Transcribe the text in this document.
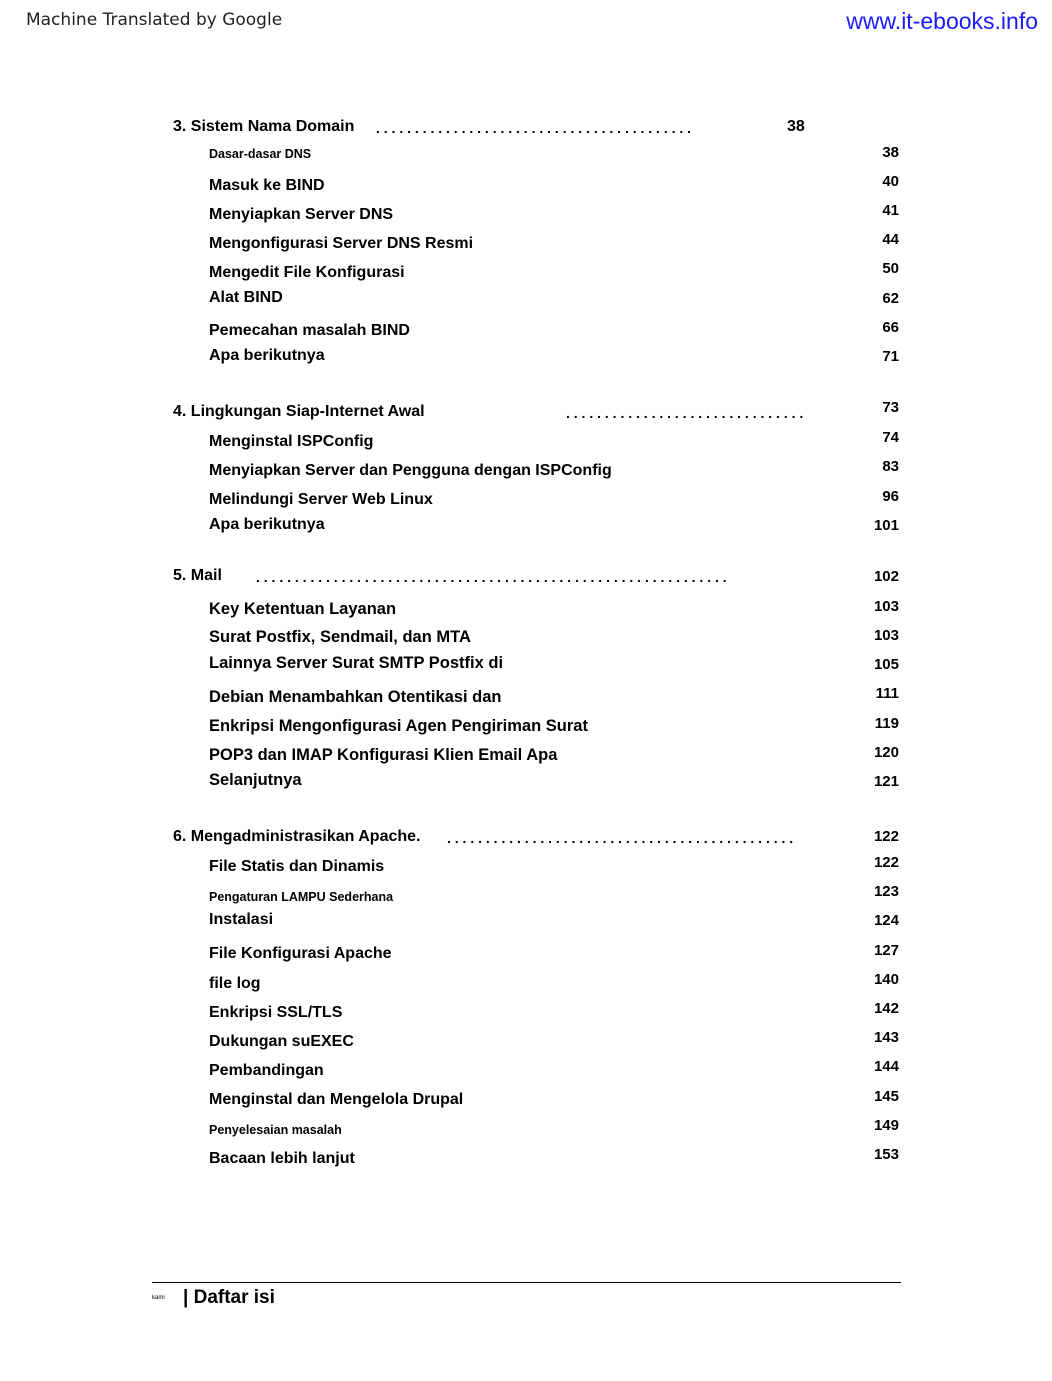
Machine Translated by Google	www.it-ebooks.info
3. Sistem Nama Domain . . . . . . . . . . . . . . . . . . . . . . . . . . . . . . . . . . . . . . . . .	38
Dasar-dasar DNS	38
Masuk ke BIND	40
Menyiapkan Server DNS	41
Mengonfigurasi Server DNS Resmi	44
Mengedit File Konfigurasi	50
Alat BIND	62
Pemecahan masalah BIND	66
Apa berikutnya	71
4. Lingkungan Siap-Internet Awal	. . . . . . . . . . . . . . . . . . . . . . . . . . . . . . .	73
Menginstal ISPConfig	74
Menyiapkan Server dan Pengguna dengan ISPConfig	83
Melindungi Server Web Linux	96
Apa berikutnya	101
5. Mail . . . . . . . . . . . . . . . . . . . . . . . . . . . . . . . . . . . . . . . . . . . . . . . . . . . . . . . . . . . . .	102
Key Ketentuan Layanan	103
Surat Postfix, Sendmail, dan MTA	103
Lainnya Server Surat SMTP Postfix di	105
Debian Menambahkan Otentikasi dan	111
Enkripsi Mengonfigurasi Agen Pengiriman Surat	119
POP3 dan IMAP Konfigurasi Klien Email Apa	120
Selanjutnya	121
6. Mengadministrasikan Apache. . . . . . . . . . . . . . . . . . . . . . . . . . . . . . . . . . . . . . . . . . . . . .	122
File Statis dan Dinamis	122
Pengaturan LAMPU Sederhana	123
Instalasi	124
File Konfigurasi Apache	127
file log	140
Enkripsi SSL/TLS	142
Dukungan suEXEC	143
Pembandingan	144
Menginstal dan Mengelola Drupal	145
Penyelesaian masalah	149
Bacaan lebih lanjut	153
kami | Daftar isi
